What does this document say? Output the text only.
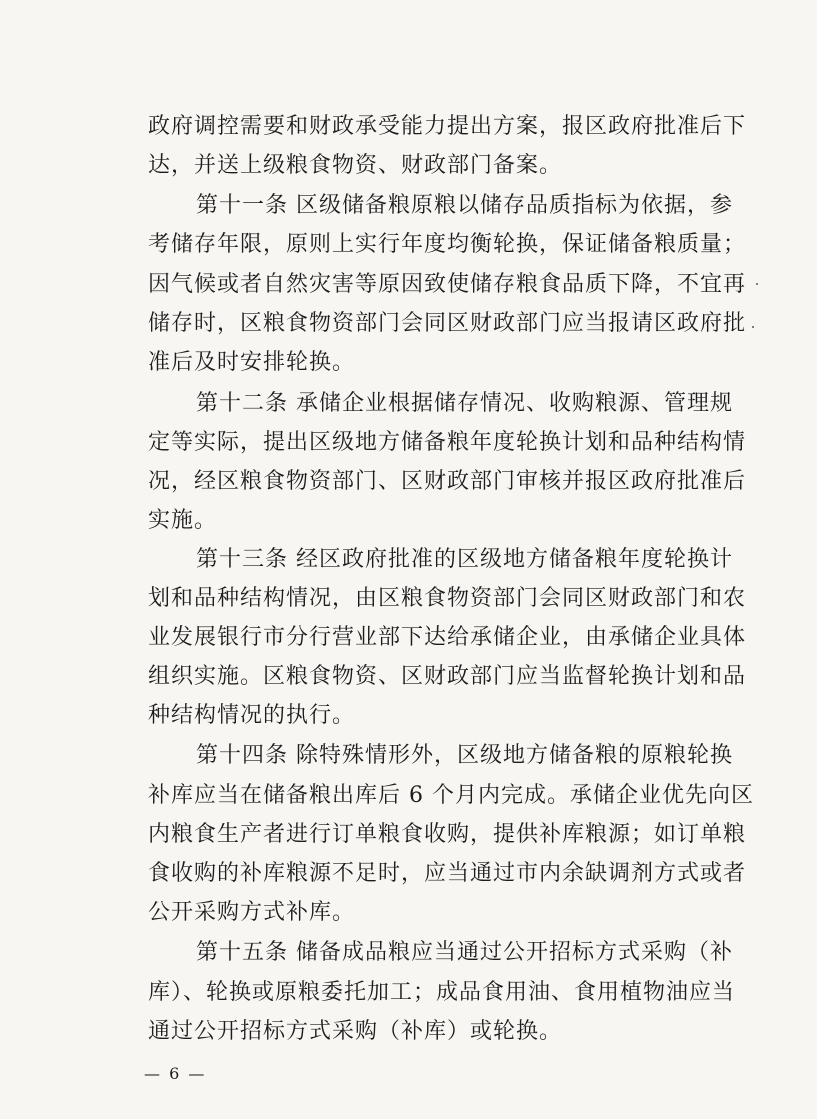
政府调控需要和财政承受能力提出方案，报区政府批准后下
达，并送上级粮食物资、财政部门备案。
第十一条 区级储备粮原粮以储存品质指标为依据，参
考储存年限，原则上实行年度均衡轮换，保证储备粮质量；
因气候或者自然灾害等原因致使储存粮食品质下降，不宜再
储存时，区粮食物资部门会同区财政部门应当报请区政府批
准后及时安排轮换。
第十二条 承储企业根据储存情况、收购粮源、管理规
定等实际，提出区级地方储备粮年度轮换计划和品种结构情
况，经区粮食物资部门、区财政部门审核并报区政府批准后
实施。
第十三条 经区政府批准的区级地方储备粮年度轮换计
划和品种结构情况，由区粮食物资部门会同区财政部门和农
业发展银行市分行营业部下达给承储企业，由承储企业具体
组织实施。区粮食物资、区财政部门应当监督轮换计划和品
种结构情况的执行。
第十四条 除特殊情形外，区级地方储备粮的原粮轮换
补库应当在储备粮出库后 6 个月内完成。承储企业优先向区
内粮食生产者进行订单粮食收购，提供补库粮源；如订单粮
食收购的补库粮源不足时，应当通过市内余缺调剂方式或者
公开采购方式补库。
第十五条 储备成品粮应当通过公开招标方式采购（补
库）、轮换或原粮委托加工；成品食用油、食用植物油应当
通过公开招标方式采购（补库）或轮换。
— 6 —
